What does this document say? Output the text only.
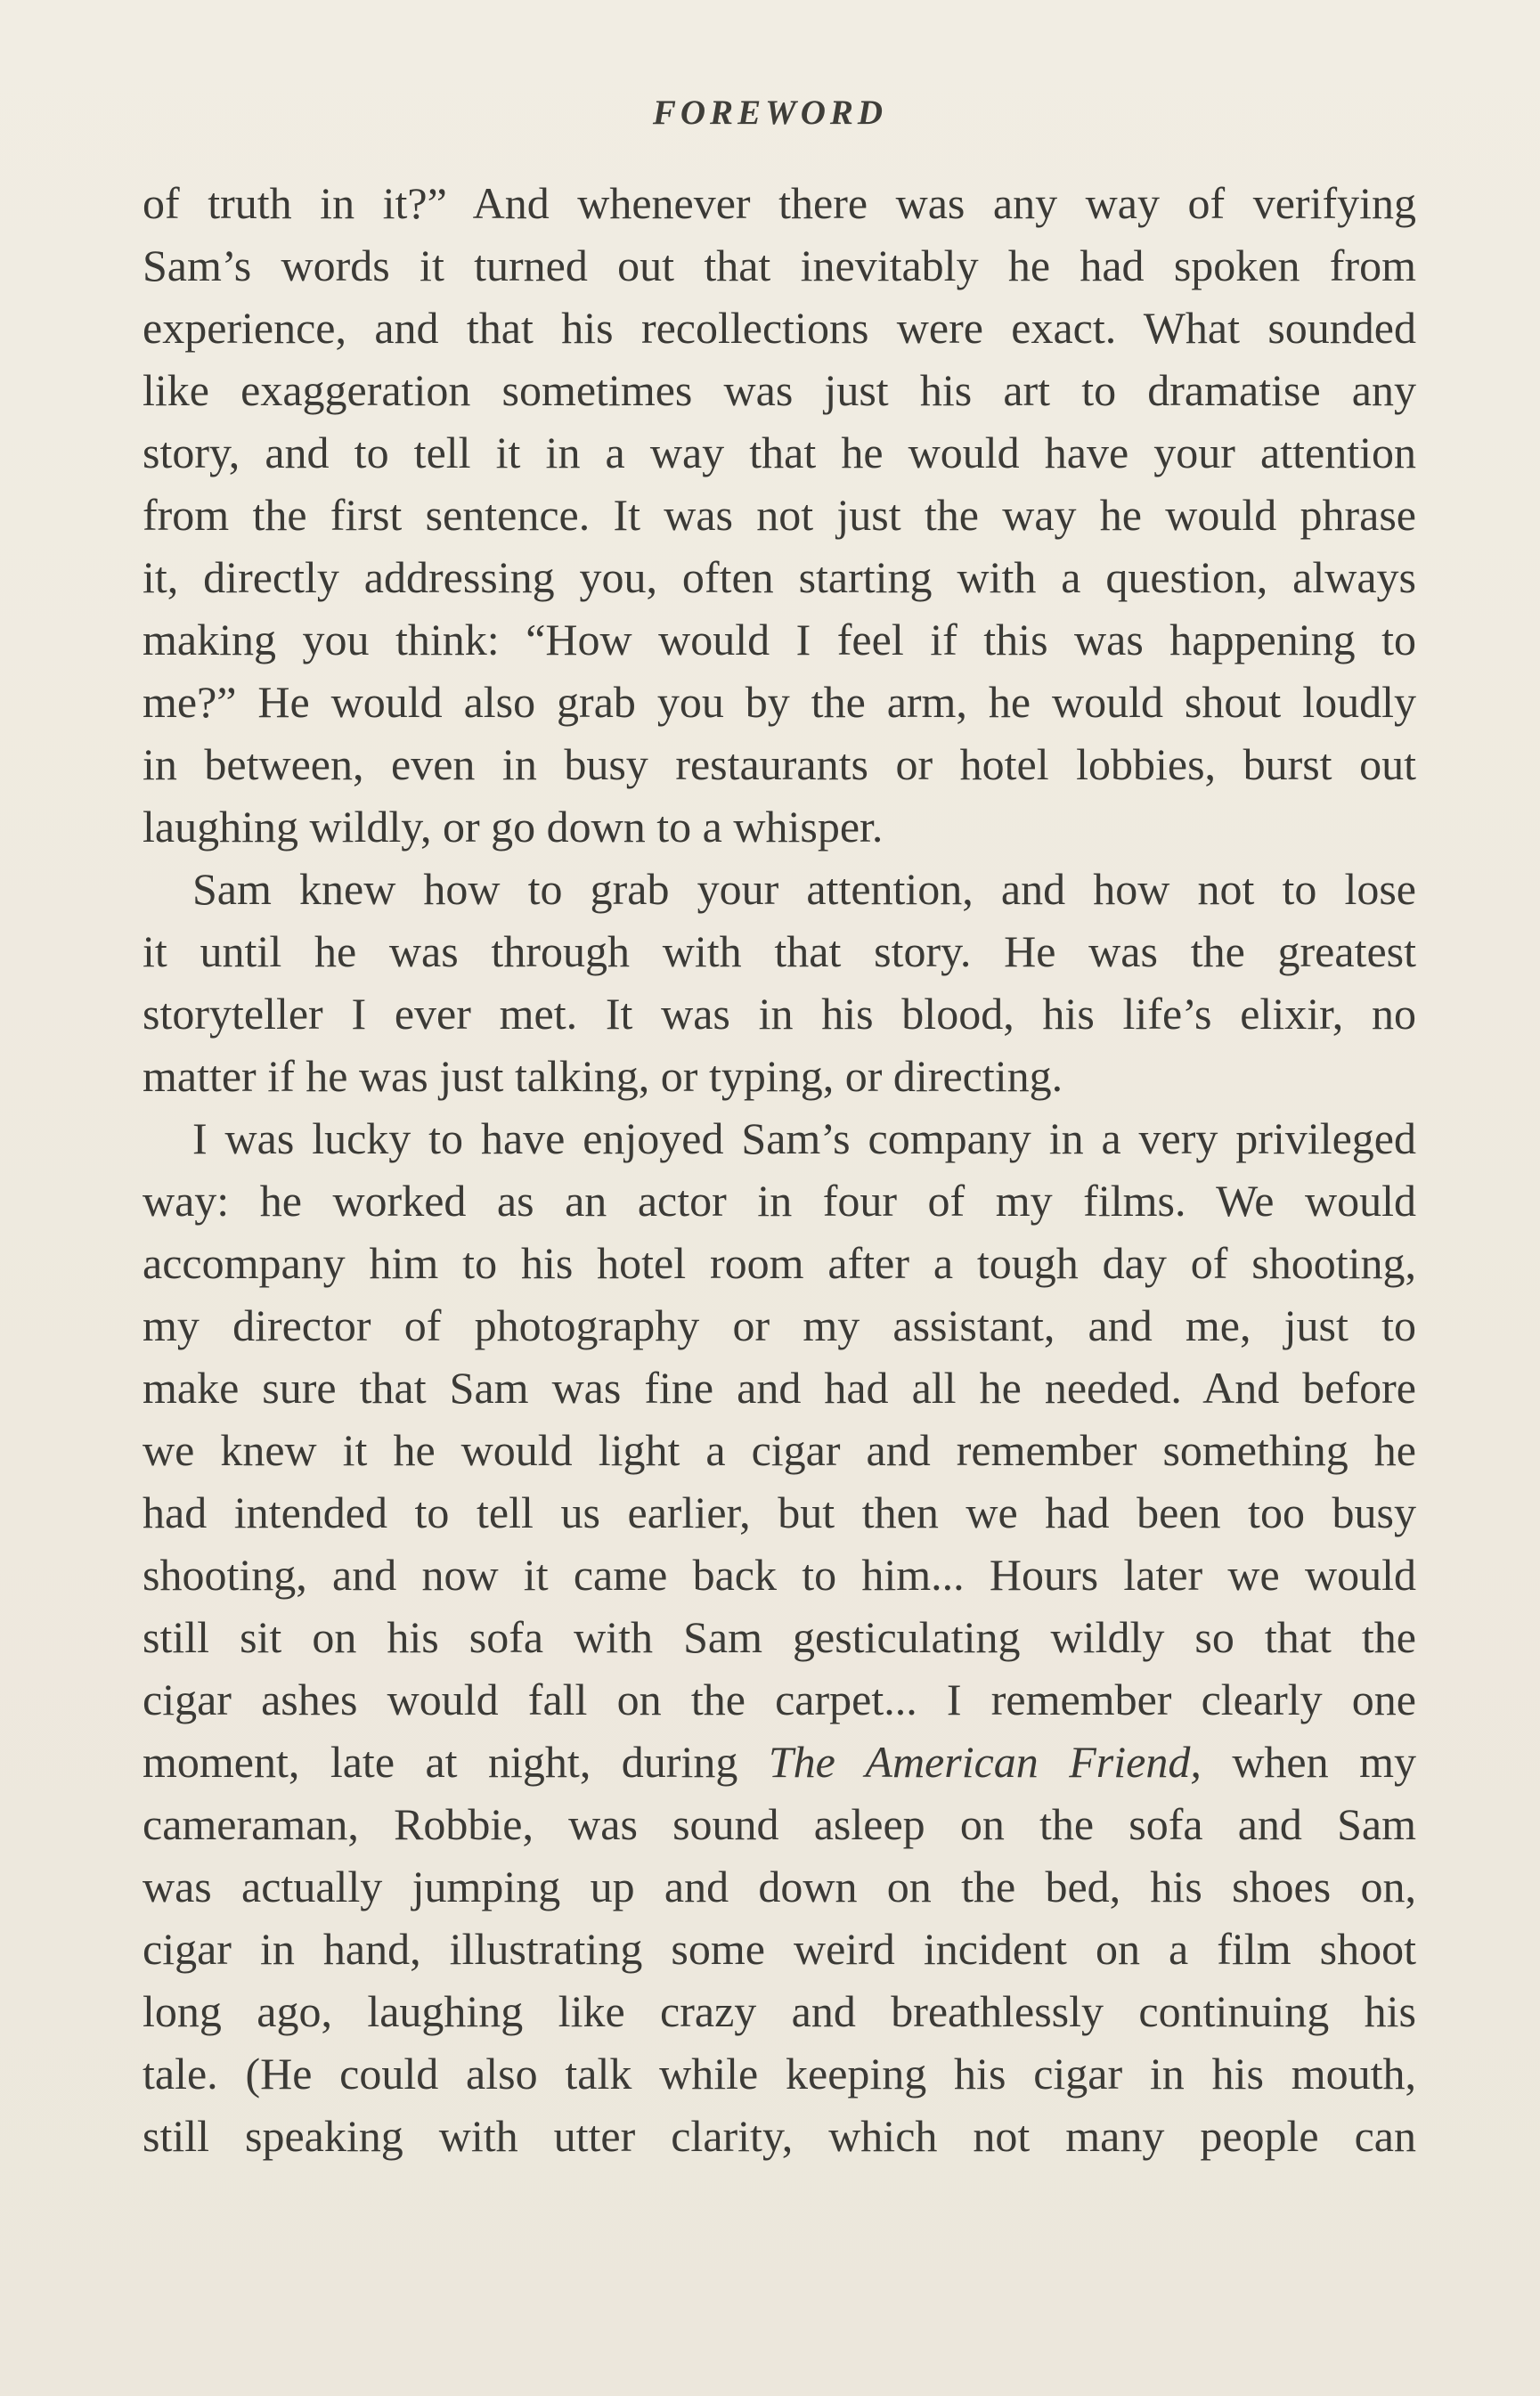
FOREWORD
of truth in it?” And whenever there was any way of verifying
Sam’s words it turned out that inevitably he had spoken from
experience, and that his recollections were exact. What sounded
like exaggeration sometimes was just his art to dramatise any
story, and to tell it in a way that he would have your attention
from the first sentence. It was not just the way he would phrase
it, directly addressing you, often starting with a question, always
making you think: “How would I feel if this was happening to
me?” He would also grab you by the arm, he would shout loudly
in between, even in busy restaurants or hotel lobbies, burst out
laughing wildly, or go down to a whisper.
Sam knew how to grab your attention, and how not to lose
it until he was through with that story. He was the greatest
storyteller I ever met. It was in his blood, his life’s elixir, no
matter if he was just talking, or typing, or directing.
I was lucky to have enjoyed Sam’s company in a very privileged
way: he worked as an actor in four of my films. We would
accompany him to his hotel room after a tough day of shooting,
my director of photography or my assistant, and me, just to
make sure that Sam was fine and had all he needed. And before
we knew it he would light a cigar and remember something he
had intended to tell us earlier, but then we had been too busy
shooting, and now it came back to him... Hours later we would
still sit on his sofa with Sam gesticulating wildly so that the
cigar ashes would fall on the carpet... I remember clearly one
moment, late at night, during The American Friend, when my
cameraman, Robbie, was sound asleep on the sofa and Sam
was actually jumping up and down on the bed, his shoes on,
cigar in hand, illustrating some weird incident on a film shoot
long ago, laughing like crazy and breathlessly continuing his
tale. (He could also talk while keeping his cigar in his mouth,
still speaking with utter clarity, which not many people can
